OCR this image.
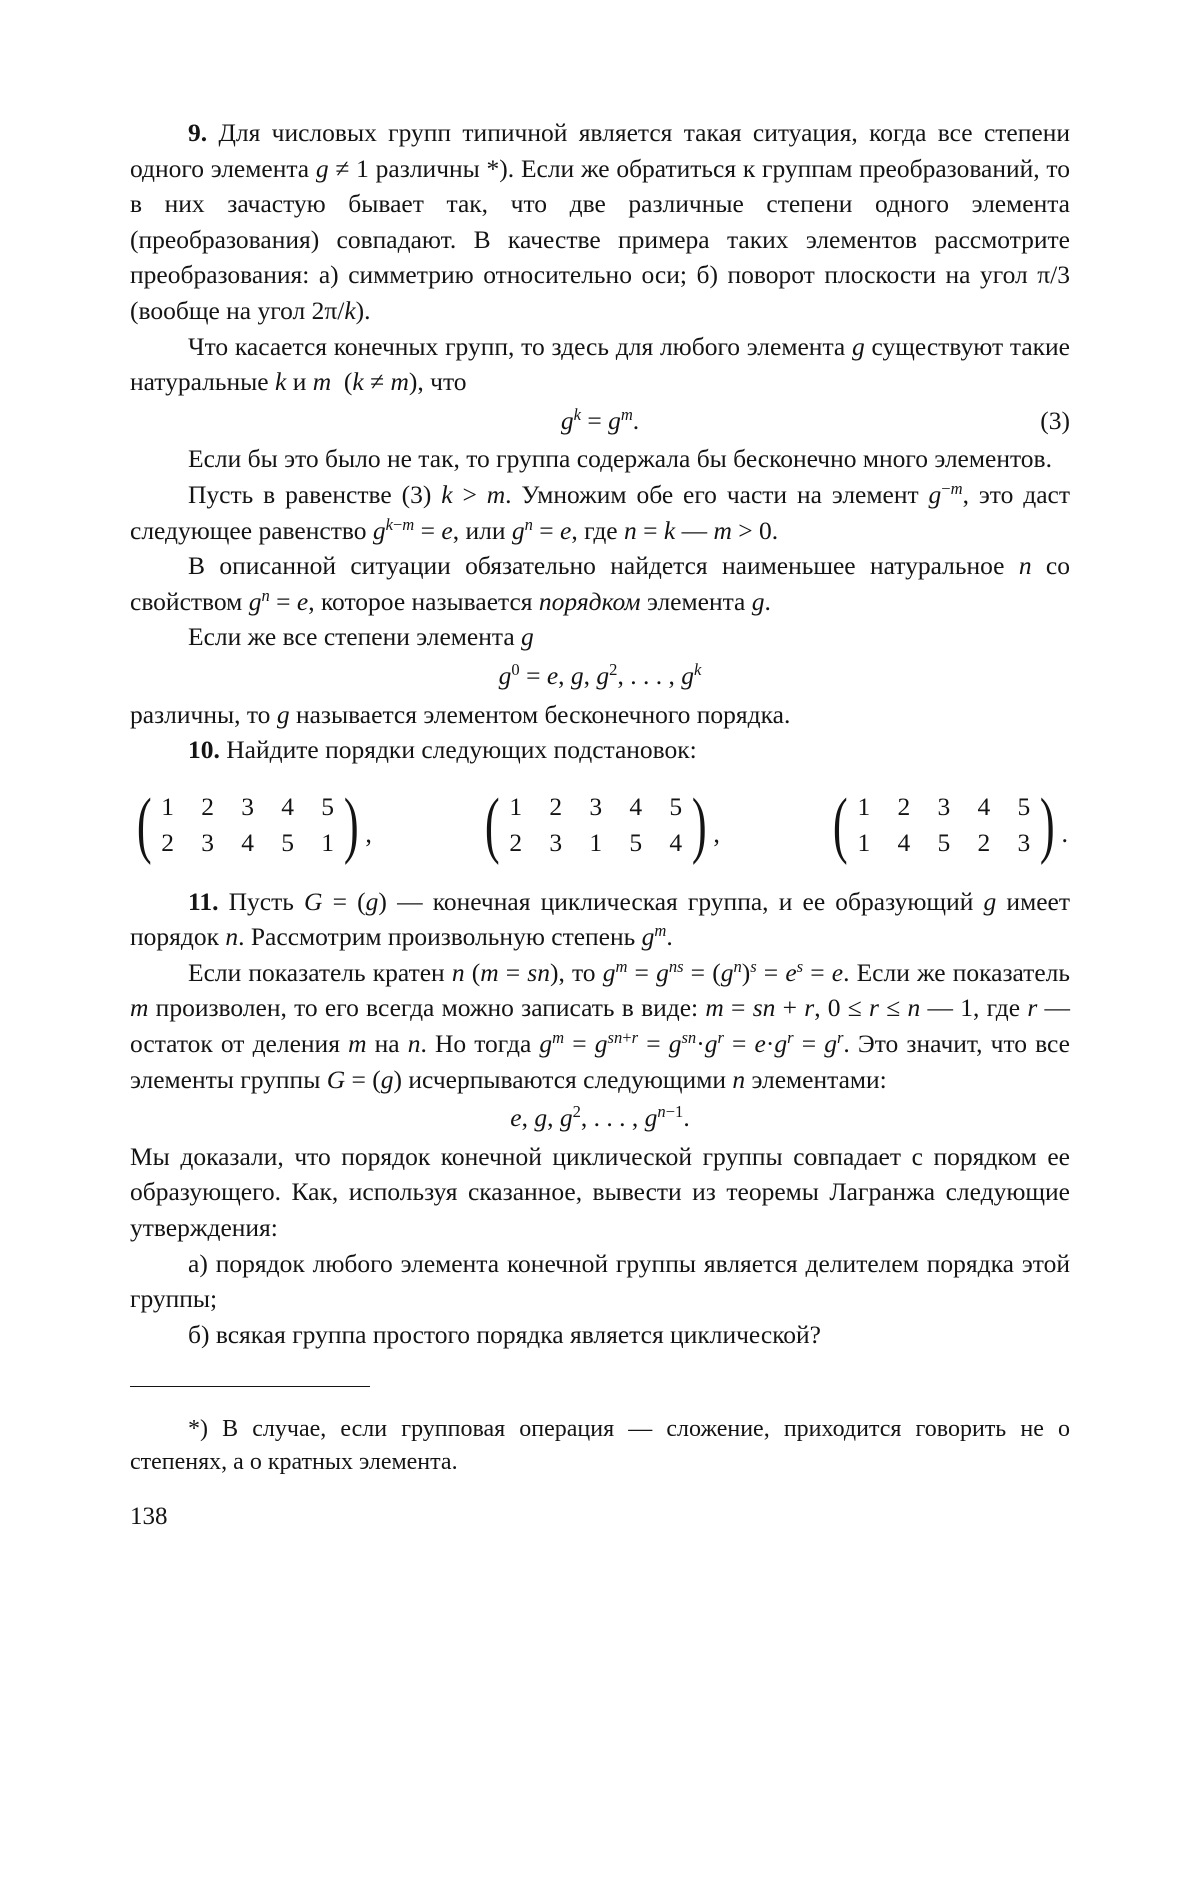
9. Для числовых групп типичной является такая ситуация, когда все степени одного элемента g ≠ 1 различны *). Если же обратиться к группам преобразований, то в них зачастую бывает так, что две различные степени одного элемента (преобразования) совпадают. В качестве примера таких элементов рассмотрите преобразования: а) симметрию относительно оси; б) поворот плоскости на угол π/3 (вообще на угол 2π/k).

Что касается конечных групп, то здесь для любого элемента g существуют такие натуральные k и m  (k ≠ m), что

$g^k = g^m$.	(3)

Если бы это было не так, то группа содержала бы бесконечно много элементов.

Пусть в равенстве (3) k > m. Умножим обе его части на элемент $g^{-m}$, это даст следующее равенство $g^{k-m} = e$, или $g^n = e$, где n = k — m > 0.

В описанной ситуации обязательно найдется наименьшее натуральное n со свойством $g^n = e$, которое называется порядком элемента g.

Если же все степени элемента g

$g^0 = e$, g, $g^2$, . . . , $g^k$

различны, то g называется элементом бесконечного порядка.

10. Найдите порядки следующих подстановок:

( 1 2 3 4 5
2 3 4 5 1 ) , ( 1 2 3 4 5
2 3 1 5 4 ) , ( 1 2 3 4 5
1 4 5 2 3 ) .

11. Пусть G = (g) — конечная циклическая группа, и ее образующий g имеет порядок n. Рассмотрим произвольную степень $g^m$.

Если показатель кратен n (m = sn), то $g^m = g^{ns} = (g^n)^s = e^s = e$. Если же показатель m произволен, то его всегда можно записать в виде: m = sn + r, 0 ≤ r ≤ n — 1, где r — остаток от деления m на n. Но тогда $g^m = g^{sn+r} = g^{sn}\cdot g^r = e\cdot g^r = g^r$. Это значит, что все элементы группы G = (g) исчерпываются следующими n элементами:

e, g, $g^2$, . . . , $g^{n-1}$.

Мы доказали, что порядок конечной циклической группы совпадает с порядком ее образующего. Как, используя сказанное, вывести из теоремы Лагранжа следующие утверждения:

а) порядок любого элемента конечной группы является делителем порядка этой группы;

б) всякая группа простого порядка является циклической?

*) В случае, если групповая операция — сложение, приходится говорить не о степенях, а о кратных элемента.

138
